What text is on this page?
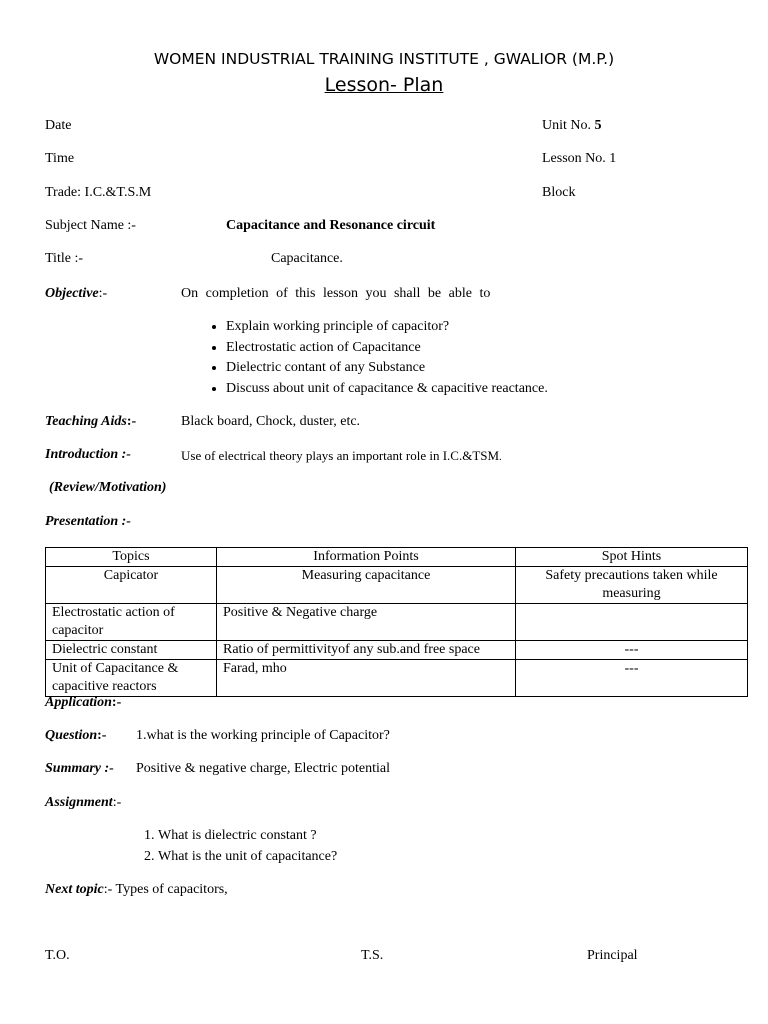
WOMEN INDUSTRIAL TRAINING INSTITUTE , GWALIOR (M.P.)
Lesson- Plan
Date	Unit No. 5
Time	Lesson No. 1
Trade: I.C.&T.S.M	Block
Subject Name :-	Capacitance and Resonance circuit
Title :-	Capacitance.
Objective:-	On completion of this lesson you shall be able to
• Explain working principle of capacitor?
• Electrostatic action of Capacitance
• Dielectric contant of any Substance
• Discuss about unit of capacitance & capacitive reactance.
Teaching Aids:-	Black board, Chock, duster, etc.
Introduction :-	Use of electrical theory plays an important role in I.C.&TSM.
(Review/Motivation)
Presentation :-
Topics	Information Points	Spot Hints
Capicator	Measuring capacitance	Safety precautions taken while measuring
Electrostatic action of capacitor	Positive & Negative charge	
Dielectric constant	Ratio of permittivityof any sub.and free space	---
Unit of Capacitance & capacitive reactors	Farad, mho	---
Application:-
Question:- 1.what is the working principle of Capacitor?
Summary :- Positive & negative charge, Electric potential
Assignment:-
1. What is dielectric constant ?
2. What is the unit of capacitance?
Next topic:- Types of capacitors,
T.O.	T.S.	Principal
